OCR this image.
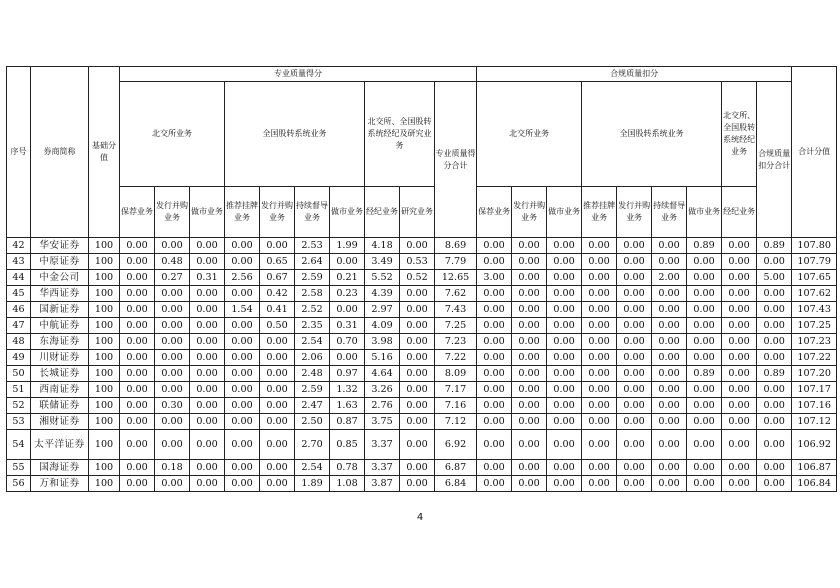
序号	券商简称	基础分值	专业质量得分										合规质量扣分									合计分值
			北交所业务			全国股转系统业务				北交所、全国股转系统经纪及研究业务		专业质量得分合计	北交所业务			全国股转系统业务				北交所、全国股转系统经纪业务	合规质量扣分合计	
			保荐业务	发行并购业务	做市业务	推荐挂牌业务	发行并购业务	持续督导业务	做市业务	经纪业务	研究业务		保荐业务	发行并购业务	做市业务	推荐挂牌业务	发行并购业务	持续督导业务	做市业务	经纪业务		
42	华安证券	100	0.00	0.00	0.00	0.00	0.00	2.53	1.99	4.18	0.00	8.69	0.00	0.00	0.00	0.00	0.00	0.00	0.89	0.00	0.89	107.80
43	中原证券	100	0.00	0.48	0.00	0.00	0.65	2.64	0.00	3.49	0.53	7.79	0.00	0.00	0.00	0.00	0.00	0.00	0.00	0.00	0.00	107.79
44	中金公司	100	0.00	0.27	0.31	2.56	0.67	2.59	0.21	5.52	0.52	12.65	3.00	0.00	0.00	0.00	0.00	2.00	0.00	0.00	5.00	107.65
45	华西证券	100	0.00	0.00	0.00	0.00	0.42	2.58	0.23	4.39	0.00	7.62	0.00	0.00	0.00	0.00	0.00	0.00	0.00	0.00	0.00	107.62
46	国新证券	100	0.00	0.00	0.00	1.54	0.41	2.52	0.00	2.97	0.00	7.43	0.00	0.00	0.00	0.00	0.00	0.00	0.00	0.00	0.00	107.43
47	中航证券	100	0.00	0.00	0.00	0.00	0.50	2.35	0.31	4.09	0.00	7.25	0.00	0.00	0.00	0.00	0.00	0.00	0.00	0.00	0.00	107.25
48	东海证券	100	0.00	0.00	0.00	0.00	0.00	2.54	0.70	3.98	0.00	7.23	0.00	0.00	0.00	0.00	0.00	0.00	0.00	0.00	0.00	107.23
49	川财证券	100	0.00	0.00	0.00	0.00	0.00	2.06	0.00	5.16	0.00	7.22	0.00	0.00	0.00	0.00	0.00	0.00	0.00	0.00	0.00	107.22
50	长城证券	100	0.00	0.00	0.00	0.00	0.00	2.48	0.97	4.64	0.00	8.09	0.00	0.00	0.00	0.00	0.00	0.00	0.89	0.00	0.89	107.20
51	西南证券	100	0.00	0.00	0.00	0.00	0.00	2.59	1.32	3.26	0.00	7.17	0.00	0.00	0.00	0.00	0.00	0.00	0.00	0.00	0.00	107.17
52	联储证券	100	0.00	0.30	0.00	0.00	0.00	2.47	1.63	2.76	0.00	7.16	0.00	0.00	0.00	0.00	0.00	0.00	0.00	0.00	0.00	107.16
53	湘财证券	100	0.00	0.00	0.00	0.00	0.00	2.50	0.87	3.75	0.00	7.12	0.00	0.00	0.00	0.00	0.00	0.00	0.00	0.00	0.00	107.12
54	太平洋证券	100	0.00	0.00	0.00	0.00	0.00	2.70	0.85	3.37	0.00	6.92	0.00	0.00	0.00	0.00	0.00	0.00	0.00	0.00	0.00	106.92
55	国海证券	100	0.00	0.18	0.00	0.00	0.00	2.54	0.78	3.37	0.00	6.87	0.00	0.00	0.00	0.00	0.00	0.00	0.00	0.00	0.00	106.87
56	万和证券	100	0.00	0.00	0.00	0.00	0.00	1.89	1.08	3.87	0.00	6.84	0.00	0.00	0.00	0.00	0.00	0.00	0.00	0.00	0.00	106.84
4
